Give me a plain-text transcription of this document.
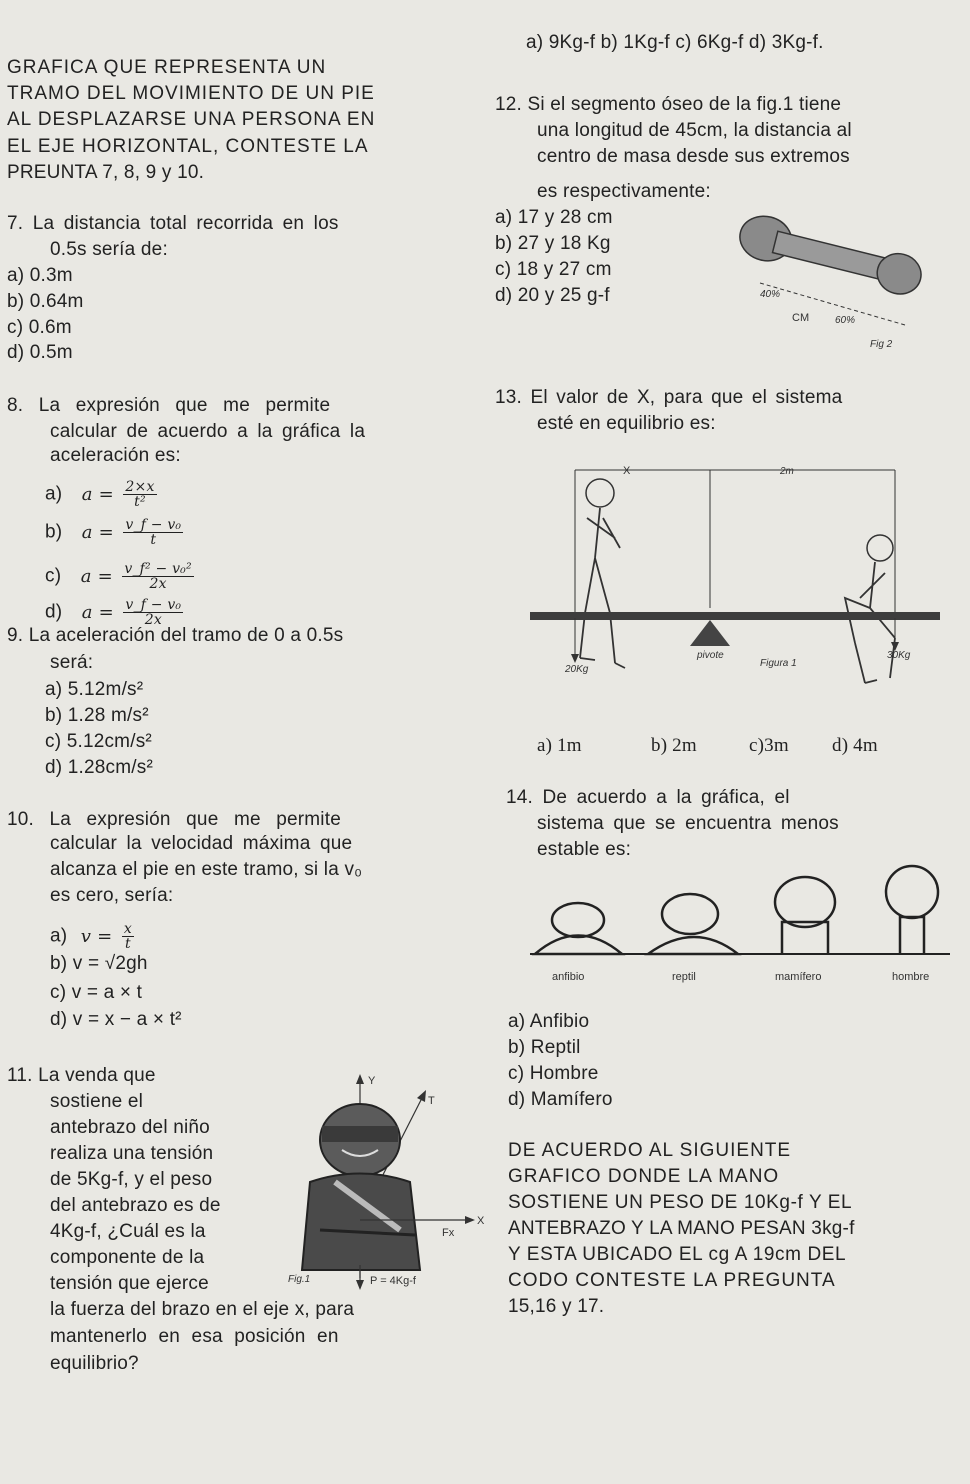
GRAFICA QUE REPRESENTA UN
TRAMO DEL MOVIMIENTO DE UN PIE
AL DESPLAZARSE UNA PERSONA EN
EL EJE HORIZONTAL, CONTESTE LA
PREUNTA 7, 8, 9 y 10.
7. La distancia total recorrida en los
0.5s sería de:
a) 0.3m
b) 0.64m
c) 0.6m
d) 0.5m
8. La expresión que me permite
calcular de acuerdo a la gráfica la
aceleración es:
a) $a = \frac{2\times x}{\text{t²}}$
b) $a = \frac{\text{v\_f − v₀}}{t}$
c) $a = \frac{\text{v\_f² − v₀²}}{2x}$
d) $a = \frac{\text{v\_f − v₀}}{2x}$
9. La aceleración del tramo de 0 a 0.5s
será:
a) 5.12m/s²
b) 1.28 m/s²
c) 5.12cm/s²
d) 1.28cm/s²
10. La expresión que me permite
calcular la velocidad máxima que
alcanza el pie en este tramo, si la v₀
es cero, sería:
a) $v = \frac{x}{t}$
b) v = √2gh
c) v = a × t
d) v = x − a × t²
11. La venda que
sostiene el
antebrazo del niño
realiza una tensión
de 5Kg-f, y el peso
del antebrazo es de
4Kg-f, ¿Cuál es la
componente de la
tensión que ejerce
la fuerza del brazo en el eje x, para
mantenerlo en esa posición en
equilibrio?
Y
T
X
Fx
Fig.1	P = 4Kg-f
a) 9Kg-f b) 1Kg-f c) 6Kg-f d) 3Kg-f.
12. Si el segmento óseo de la fig.1 tiene
una longitud de 45cm, la distancia al
centro de masa desde sus extremos
es respectivamente:
a) 17 y 28 cm
b) 27 y 18 Kg
c) 18 y 27 cm
d) 20 y 25 g-f	40%
CM	60%
Fig 2
13. El valor de X, para que el sistema
esté en equilibrio es:
X	2m
pivote
20Kg
30Kg
Figura 1
a) 1m	b) 2m	c)3m d) 4m
14. De acuerdo a la gráfica, el
sistema que se encuentra menos
estable es:
anfibio	reptil	mamífero	hombre
a) Anfibio
b) Reptil
c) Hombre
d) Mamífero
DE ACUERDO AL SIGUIENTE
GRAFICO DONDE LA MANO
SOSTIENE UN PESO DE 10Kg-f Y EL
ANTEBRAZO Y LA MANO PESAN 3kg-f
Y ESTA UBICADO EL cg A 19cm DEL
CODO CONTESTE LA PREGUNTA
15,16 y 17.
